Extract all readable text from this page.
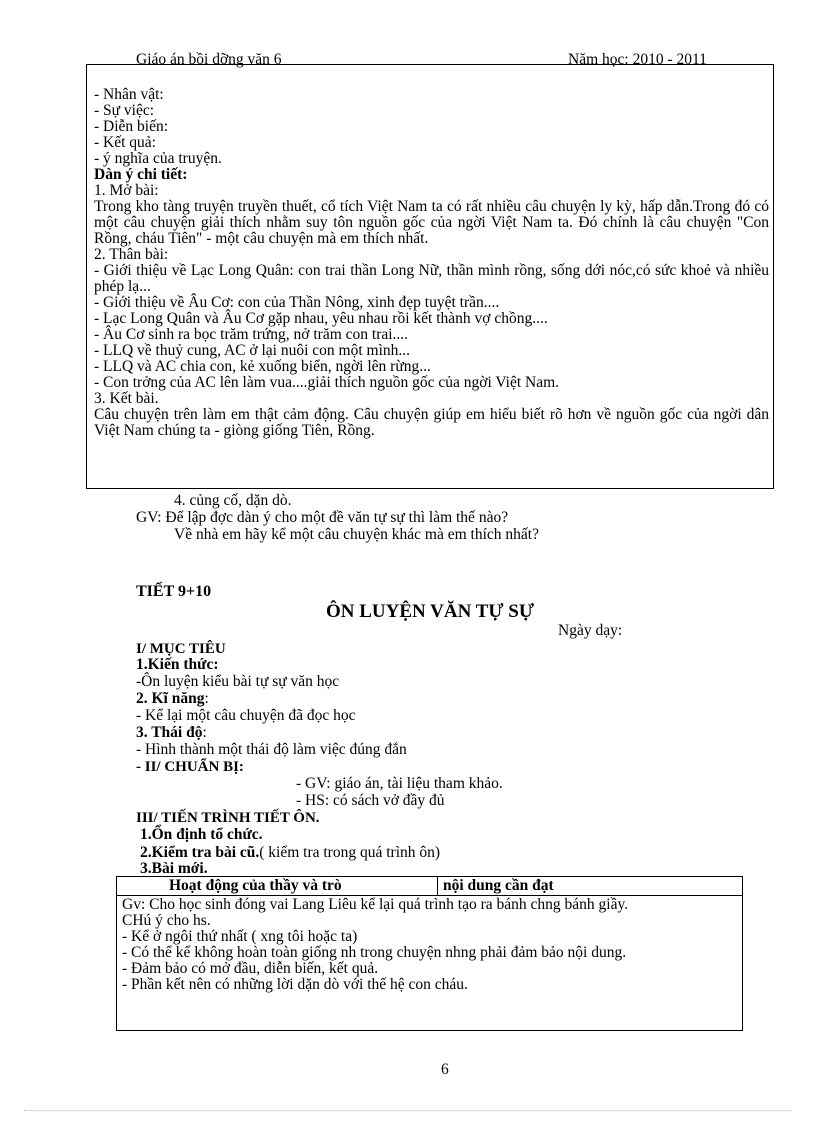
Giáo án bồi dỡng văn 6	Năm học: 2010 - 2011
- Nhân vật:
- Sự việc:
- Diễn biến:
- Kết quả:
- ý nghĩa của truyện.
Dàn ý chi tiết:
1. Mở bài:
Trong kho tàng truyện truyền thuết, cổ tích Việt Nam ta có rất nhiều câu chuyện ly kỳ, hấp dẫn.Trong đó có một câu chuyện giải thích nhằm suy tôn nguồn gốc của ngời Việt Nam ta. Đó chính là câu chuyện "Con Rồng, cháu Tiên" - một câu chuyện mà em thích nhất.
2. Thân bài:
- Giới thiệu về Lạc Long Quân: con trai thần Long Nữ, thần mình rồng, sống dới nóc,có sức khoẻ và nhiều phép lạ...
- Giới thiệu về Âu Cơ: con của Thần Nông, xinh đẹp tuyệt trần....
- Lạc Long Quân và Âu Cơ gặp nhau, yêu nhau rồi kết thành vợ chồng....
- Âu Cơ sinh ra bọc trăm trứng, nở trăm con trai....
- LLQ về thuỷ cung, AC ở lại nuôi con một mình...
- LLQ và AC chia con, kẻ xuống biển, ngời lên rừng...
- Con trởng của AC lên làm vua....giải thích nguồn gốc của ngời Việt Nam.
3. Kết bài.
Câu chuyện trên làm em thật cảm động. Câu chuyện giúp em hiểu biết rõ hơn về nguồn gốc của ngời dân Việt Nam chúng ta - giòng giống Tiên, Rồng.
4. củng cố, dặn dò.
GV: Để lập đợc dàn ý cho một đề văn tự sự thì làm thế nào?
Về nhà em hãy kể một câu chuyện khác mà em thích nhất?
TIẾT 9+10
ÔN LUYỆN VĂN TỰ SỰ
Ngày dạy:
I/ MỤC TIÊU
1.Kiến thức:
-Ôn luyện kiểu bài tự sự văn học
2. Kĩ năng:
- Kể lại một câu chuyện đã đọc học
3. Thái độ:
- Hình thành một thái độ làm việc đúng đắn
- II/ CHUẨN BỊ:
- GV: giáo án, tài liệu tham khảo.
- HS: có sách vở đầy đủ
III/ TIẾN TRÌNH TIẾT ÔN.
1.Ổn định tổ chức.
2.Kiểm tra bài cũ.( kiểm tra trong quá trình ôn)
3.Bài mới.
Hoạt động của thầy và trò	nội dung cần đạt
Gv: Cho học sinh đóng vai Lang Liêu kể lại quá trình tạo ra bánh chng bánh giầy.
CHú ý cho hs.
- Kể ở ngôi thứ nhất ( xng tôi hoặc ta)
- Có thể kể không hoàn toàn giống nh trong chuyện nhng phải đảm bảo nội dung.
- Đảm bảo có mở đầu, diễn biến, kết quả.
- Phần kết nên có những lời dặn dò với thế hệ con cháu.
6
